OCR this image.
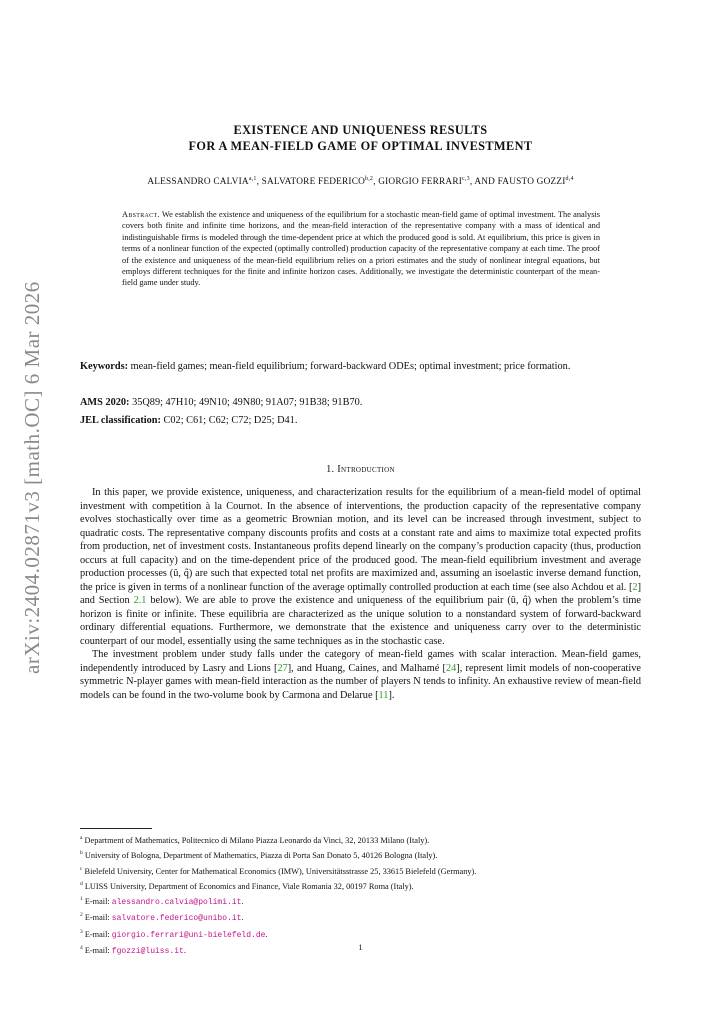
arXiv:2404.02871v3 [math.OC] 6 Mar 2026
EXISTENCE AND UNIQUENESS RESULTS
FOR A MEAN-FIELD GAME OF OPTIMAL INVESTMENT
ALESSANDRO CALVIA$^{a,1}$, SALVATORE FEDERICO$^{b,2}$, GIORGIO FERRARI$^{c,3}$, AND FAUSTO GOZZI$^{d,4}$
Abstract. We establish the existence and uniqueness of the equilibrium for a stochastic mean-field game of optimal investment. The analysis covers both finite and infinite time horizons, and the mean-field interaction of the representative company with a mass of identical and indistinguishable firms is modeled through the time-dependent price at which the produced good is sold. At equilibrium, this price is given in terms of a nonlinear function of the expected (optimally controlled) production capacity of the representative company at each time. The proof of the existence and uniqueness of the mean-field equilibrium relies on a priori estimates and the study of nonlinear integral equations, but employs different techniques for the finite and infinite horizon cases. Additionally, we investigate the deterministic counterpart of the mean-field game under study.
Keywords: mean-field games; mean-field equilibrium; forward-backward ODEs; optimal investment; price formation.
AMS 2020: 35Q89; 47H10; 49N10; 49N80; 91A07; 91B38; 91B70.
JEL classification: C02; C61; C62; C72; D25; D41.
1. Introduction

In this paper, we provide existence, uniqueness, and characterization results for the equilibrium of a mean-field model of optimal investment with competition à la Cournot. In the absence of interventions, the production capacity of the representative company evolves stochastically over time as a geometric Brownian motion, and its level can be increased through investment, subject to quadratic costs. The representative company discounts profits and costs at a constant rate and aims to maximize total expected profits from production, net of investment costs. Instantaneous profits depend linearly on the company’s production capacity (thus, production occurs at full capacity) and on the time-dependent price of the produced good. The mean-field equilibrium investment and average production processes (û, q̂) are such that expected total net profits are maximized and, assuming an isoelastic inverse demand function, the price is given in terms of a nonlinear function of the average optimally controlled production at each time (see also Achdou et al. [2] and Section 2.1 below). We are able to prove the existence and uniqueness of the equilibrium pair (û, q̂) when the problem’s time horizon is finite or infinite. These equilibria are characterized as the unique solution to a nonstandard system of forward-backward ordinary differential equations. Furthermore, we demonstrate that the existence and uniqueness carry over to the deterministic counterpart of our model, essentially using the same techniques as in the stochastic case.

The investment problem under study falls under the category of mean-field games with scalar interaction. Mean-field games, independently introduced by Lasry and Lions [27], and Huang, Caines, and Malhamé [24], represent limit models of non-cooperative symmetric N-player games with mean-field interaction as the number of players N tends to infinity. An exhaustive review of mean-field models can be found in the two-volume book by Carmona and Delarue [11].

$^a$ Department of Mathematics, Politecnico di Milano Piazza Leonardo da Vinci, 32, 20133 Milano (Italy).
$^b$ University of Bologna, Department of Mathematics, Piazza di Porta San Donato 5, 40126 Bologna (Italy).
$^c$ Bielefeld University, Center for Mathematical Economics (IMW), Universitätsstrasse 25, 33615 Bielefeld (Germany).
$^d$ LUISS University, Department of Economics and Finance, Viale Romania 32, 00197 Roma (Italy).
$^1$ E-mail: alessandro.calvia@polimi.it.
$^2$ E-mail: salvatore.federico@unibo.it.
$^3$ E-mail: giorgio.ferrari@uni-bielefeld.de.
$^4$ E-mail: fgozzi@luiss.it.	1
